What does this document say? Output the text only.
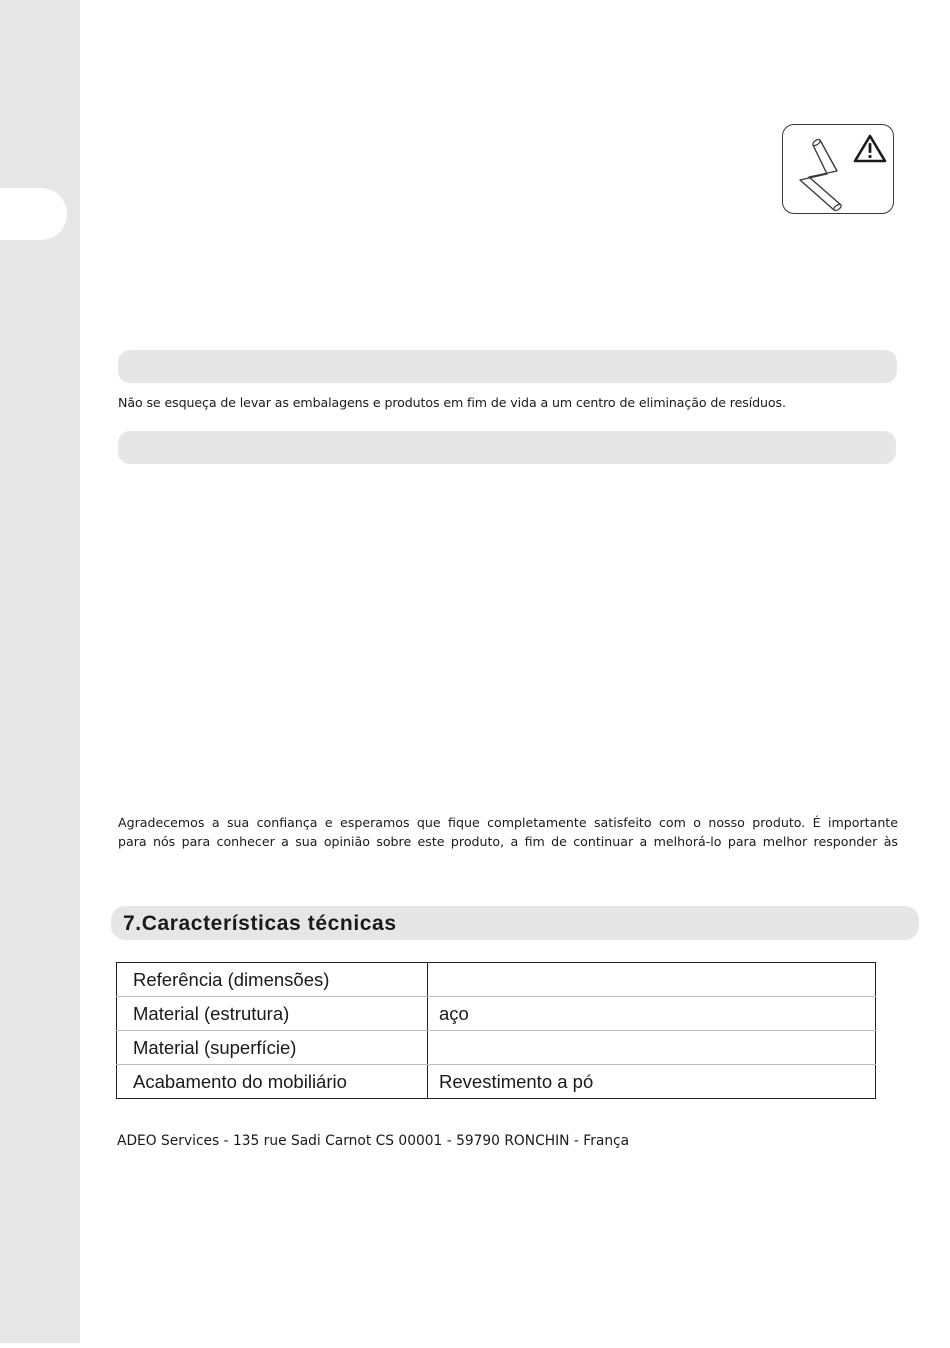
Não se esqueça de levar as embalagens e produtos em fim de vida a um centro de eliminação de resíduos.
Agradecemos a sua confiança e esperamos que fique completamente satisfeito com o nosso produto. É importante
para nós para conhecer a sua opinião sobre este produto, a fim de continuar a melhorá-lo para melhor responder às
7.Características técnicas
Referência (dimensões)	
Material (estrutura)	aço
Material (superfície)	
Acabamento do mobiliário	Revestimento a pó
ADEO Services - 135 rue Sadi Carnot CS 00001 - 59790 RONCHIN - França
